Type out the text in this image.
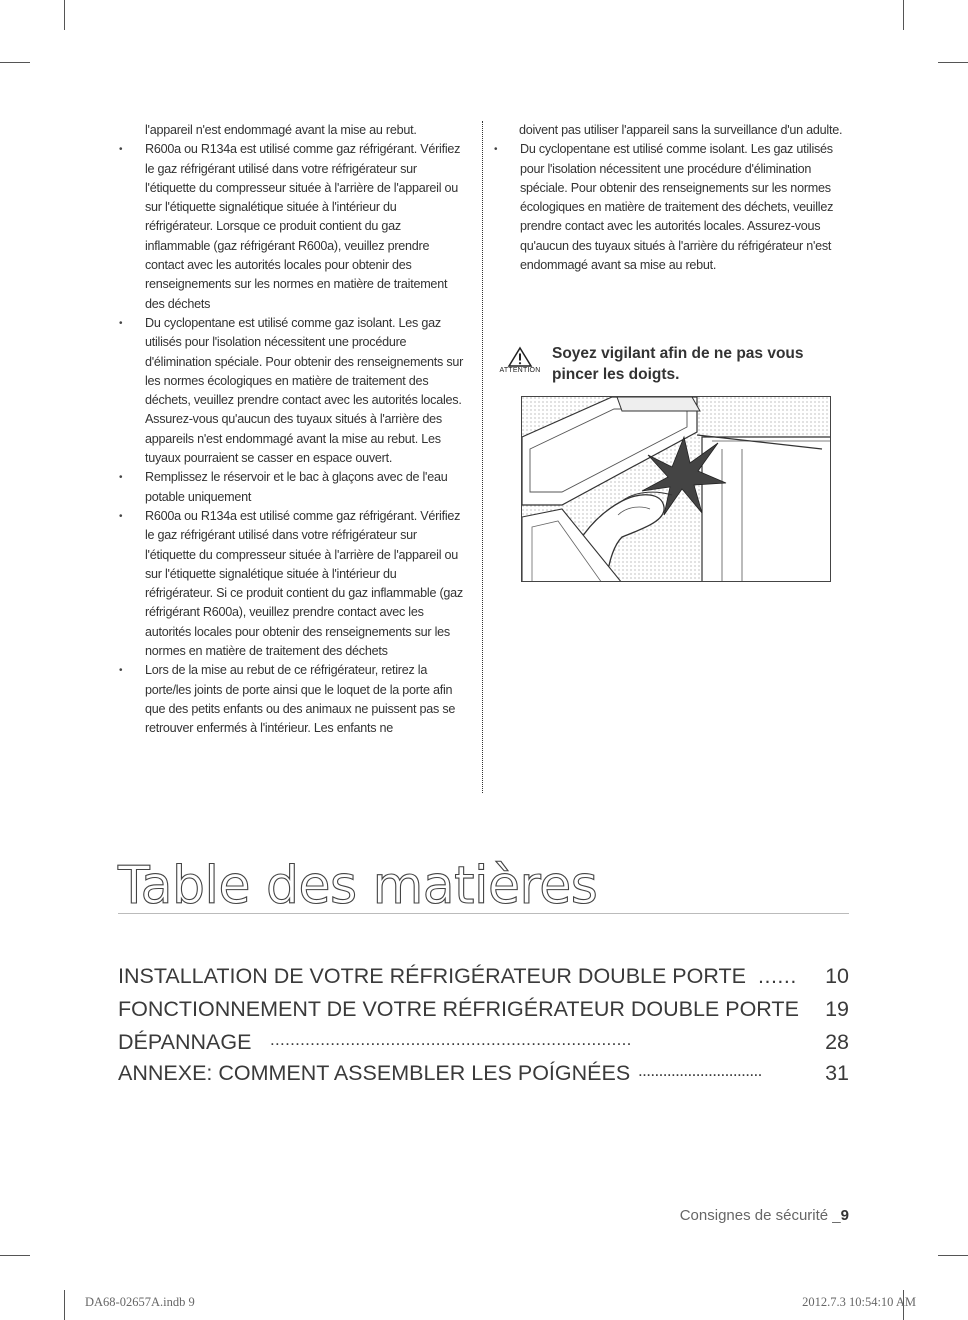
l'appareil n'est endommagé avant la mise au rebut.

• R600a ou R134a est utilisé comme gaz réfrigérant. Vérifiez le gaz réfrigérant utilisé dans votre réfrigérateur sur l'étiquette du compresseur située à l'arrière de l'appareil ou sur l'étiquette signalétique située à l'intérieur du réfrigérateur. Lorsque ce produit contient du gaz inflammable (gaz réfrigérant R600a), veuillez prendre contact avec les autorités locales pour obtenir des renseignements sur les normes en matière de traitement des déchets

• Du cyclopentane est utilisé comme gaz isolant. Les gaz utilisés pour l'isolation nécessitent une procédure d'élimination spéciale. Pour obtenir des renseignements sur les normes écologiques en matière de traitement des déchets, veuillez prendre contact avec les autorités locales. Assurez-vous qu'aucun des tuyaux situés à l'arrière des appareils n'est endommagé avant la mise au rebut. Les tuyaux pourraient se casser en espace ouvert.

• Remplissez le réservoir et le bac à glaçons avec de l'eau potable uniquement

• R600a ou R134a est utilisé comme gaz réfrigérant. Vérifiez le gaz réfrigérant utilisé dans votre réfrigérateur sur l'étiquette du compresseur située à l'arrière de l'appareil ou sur l'étiquette signalétique située à l'intérieur du réfrigérateur. Si ce produit contient du gaz inflammable (gaz réfrigérant R600a), veuillez prendre contact avec les autorités locales pour obtenir des renseignements sur les normes en matière de traitement des déchets

• Lors de la mise au rebut de ce réfrigérateur, retirez la porte/les joints de porte ainsi que le loquet de la porte afin que des petits enfants ou des animaux ne puissent pas se retrouver enfermés à l'intérieur. Les enfants ne

doivent pas utiliser l'appareil sans la surveillance d'un adulte.

• Du cyclopentane est utilisé comme isolant. Les gaz utilisés pour l'isolation nécessitent une procédure d'élimination spéciale. Pour obtenir des renseignements sur les normes écologiques en matière de traitement des déchets, veuillez prendre contact avec les autorités locales. Assurez-vous qu'aucun des tuyaux situés à l'arrière du réfrigérateur n'est endommagé avant sa mise au rebut.

ATTENTION
Soyez vigilant afin de ne pas vous pincer les doigts.
Table des matières
INSTALLATION DE VOTRE RÉFRIGÉRATEUR DOUBLE PORTE ...... 10
FONCTIONNEMENT DE VOTRE RÉFRIGÉRATEUR DOUBLE PORTE 19
DÉPANNAGE ........................................................................	28
ANNEXE: COMMENT ASSEMBLER LES POÍGNÉES ..............................	31
Consignes de sécurité _9
DA68-02657A.indb 9	2012.7.3 10:54:10 AM
